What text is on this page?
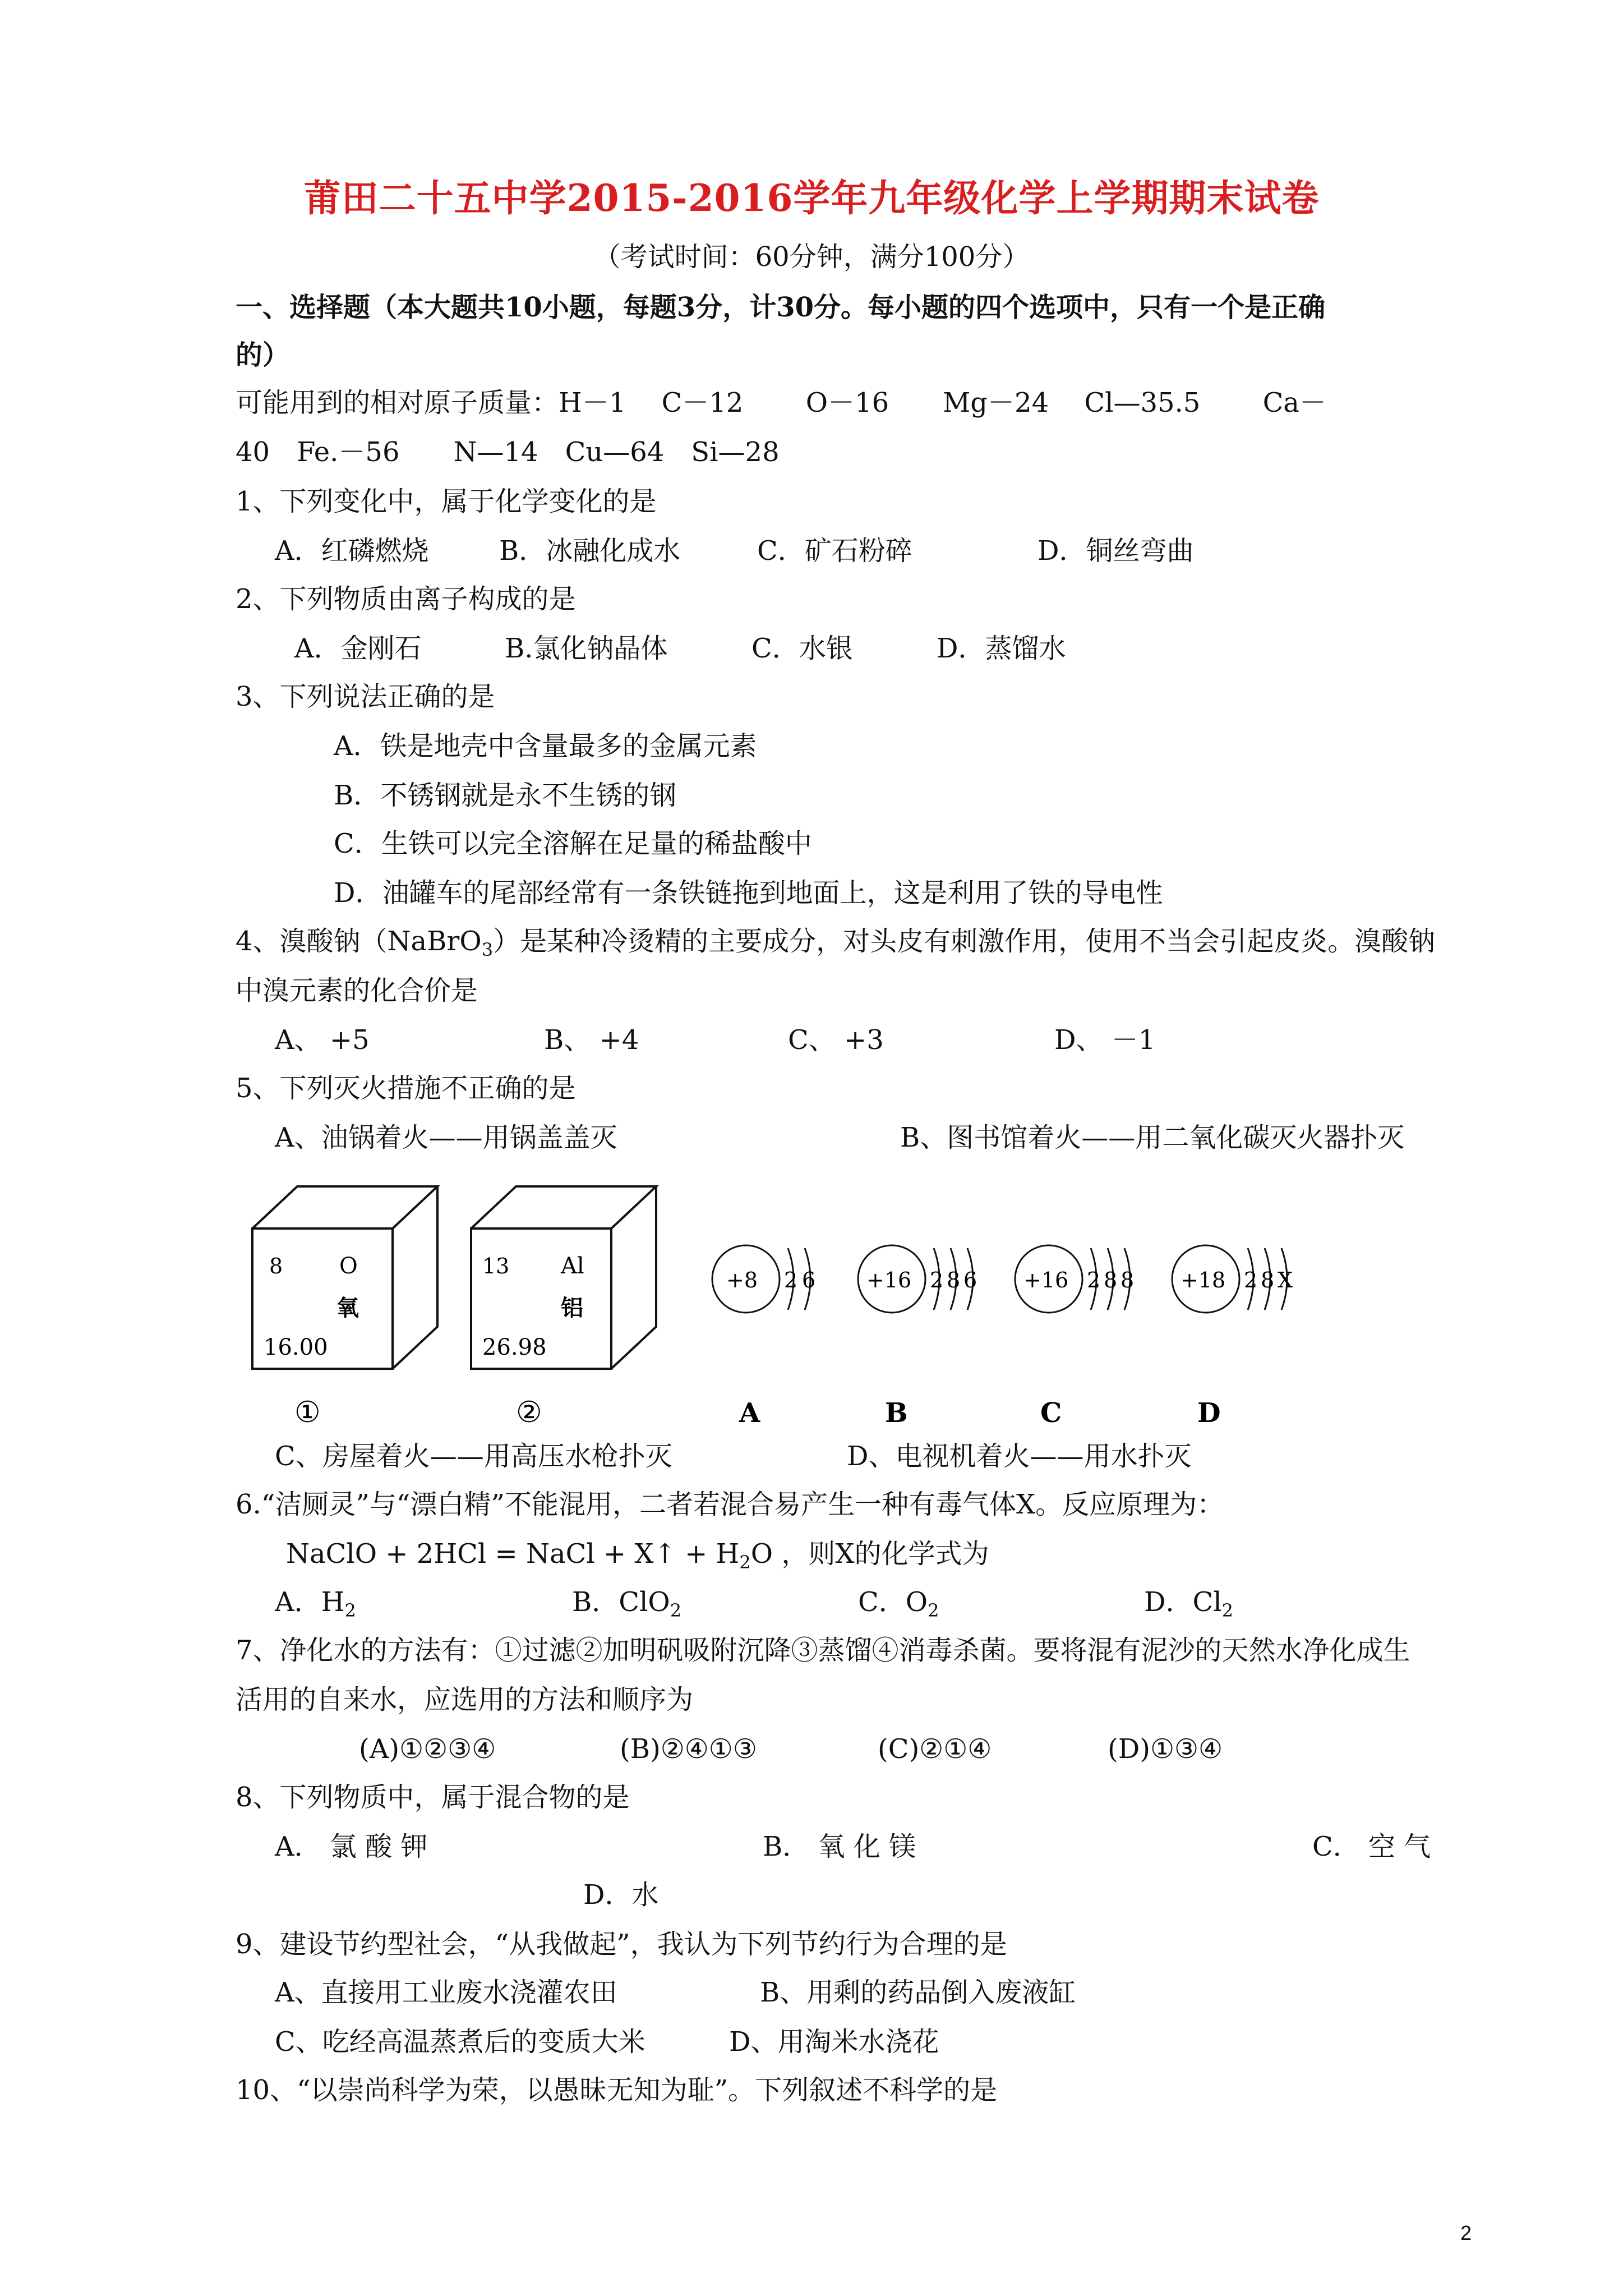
莆田二十五中学2015-2016学年九年级化学上学期期末试卷
（考试时间：60分钟，满分100分）
一、选择题（本大题共10小题，每题3分，计30分。每小题的四个选项中，只有一个是正确
的）
可能用到的相对原子质量：H－1　 C－12　　 O－16　　Mg－24　 Cl—35.5　　 Ca－
40　Fe.－56　　N—14　Cu—64　Si—28
1、下列变化中，属于化学变化的是
A．红磷燃烧	B．冰融化成水	C．矿石粉碎	D．铜丝弯曲
2、下列物质由离子构成的是
A．金刚石	B.氯化钠晶体	C．水银	D．蒸馏水
3、下列说法正确的是
A．铁是地壳中含量最多的金属元素
B．不锈钢就是永不生锈的钢
C．生铁可以完全溶解在足量的稀盐酸中
D．油罐车的尾部经常有一条铁链拖到地面上，这是利用了铁的导电性
4、溴酸钠（NaBrO$_3$）是某种冷烫精的主要成分，对头皮有刺激作用，使用不当会引起皮炎。溴酸钠
中溴元素的化合价是
A、 +5	B、 +4	C、 +3	D、 －1
5、下列灭火措施不正确的是
A、油锅着火——用锅盖盖灭	B、图书馆着火——用二氧化碳灭火器扑灭
8	O
氧
16.00
①
13 Al
铝
26.98
②
+8 2 6
A
+16 2 8 6
B
+16 2 8 8
C
+18 2 8 X
D
C、房屋着火——用高压水枪扑灭	D、电视机着火——用水扑灭
6.“洁厕灵”与“漂白精”不能混用，二者若混合易产生一种有毒气体X。反应原理为：
NaClO + 2HCl = NaCl + X↑ + $H_2O$ ，则X的化学式为
A．$H_2$	B．ClO$_2$	C．$O_2$	D．$Cl_2$
7、净化水的方法有：①过滤②加明矾吸附沉降③蒸馏④消毒杀菌。要将混有泥沙的天然水净化成生
活用的自来水，应选用的方法和顺序为
(A)①②③④	(B)②④①③	(C)②①④	(D)①③④
8、下列物质中，属于混合物的是
A． 氯 酸 钾	B． 氧 化 镁	C． 空 气
D．水
9、建设节约型社会，“从我做起”，我认为下列节约行为合理的是
A、直接用工业废水浇灌农田	B、用剩的药品倒入废液缸
C、吃经高温蒸煮后的变质大米	D、用淘米水浇花
10、“以崇尚科学为荣，以愚昧无知为耻”。下列叙述不科学的是
2
